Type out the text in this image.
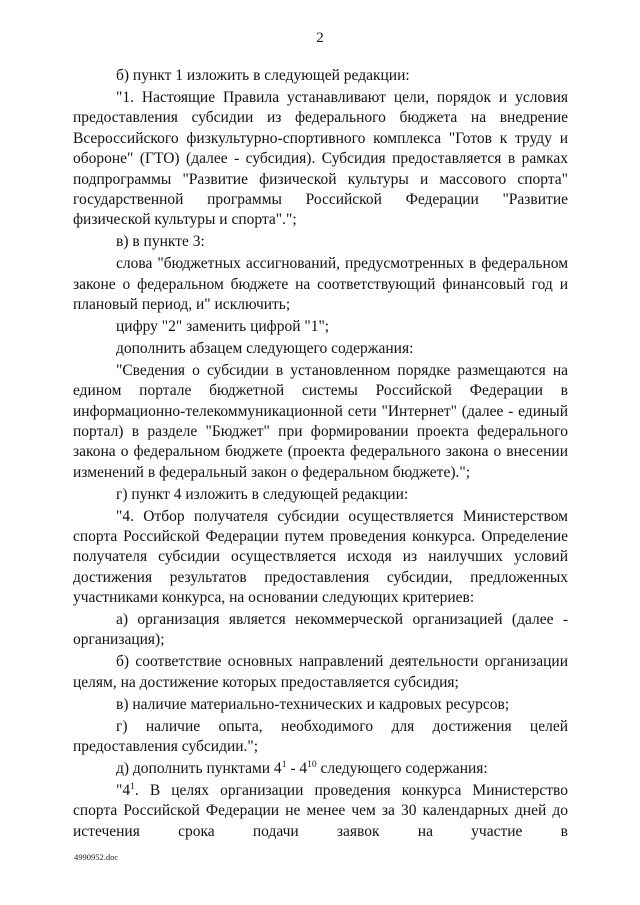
2

б) пункт 1 изложить в следующей редакции:

"1. Настоящие Правила устанавливают цели, порядок и условия предоставления субсидии из федерального бюджета на внедрение Всероссийского физкультурно-спортивного комплекса "Готов к труду и обороне" (ГТО) (далее - субсидия). Субсидия предоставляется в рамках подпрограммы "Развитие физической культуры и массового спорта" государственной программы Российской Федерации "Развитие физической культуры и спорта".";

в) в пункте 3:

слова "бюджетных ассигнований, предусмотренных в федеральном законе о федеральном бюджете на соответствующий финансовый год и плановый период, и" исключить;

цифру "2" заменить цифрой "1";

дополнить абзацем следующего содержания:

"Сведения о субсидии в установленном порядке размещаются на едином портале бюджетной системы Российской Федерации в информационно-телекоммуникационной сети "Интернет" (далее - единый портал) в разделе "Бюджет" при формировании проекта федерального закона о федеральном бюджете (проекта федерального закона о внесении изменений в федеральный закон о федеральном бюджете).";

г) пункт 4 изложить в следующей редакции:

"4. Отбор получателя субсидии осуществляется Министерством спорта Российской Федерации путем проведения конкурса. Определение получателя субсидии осуществляется исходя из наилучших условий достижения результатов предоставления субсидии, предложенных участниками конкурса, на основании следующих критериев:

а) организация является некоммерческой организацией (далее - организация);

б) соответствие основных направлений деятельности организации целям, на достижение которых предоставляется субсидия;

в) наличие материально-технических и кадровых ресурсов;

г) наличие опыта, необходимого для достижения целей предоставления субсидии.";

д) дополнить пунктами $4^1 - 4^{10}$ следующего содержания:

"$4^1$. В целях организации проведения конкурса Министерство спорта Российской Федерации не менее чем за 30 календарных дней до истечения срока подачи заявок на участие в

4990952.doc
